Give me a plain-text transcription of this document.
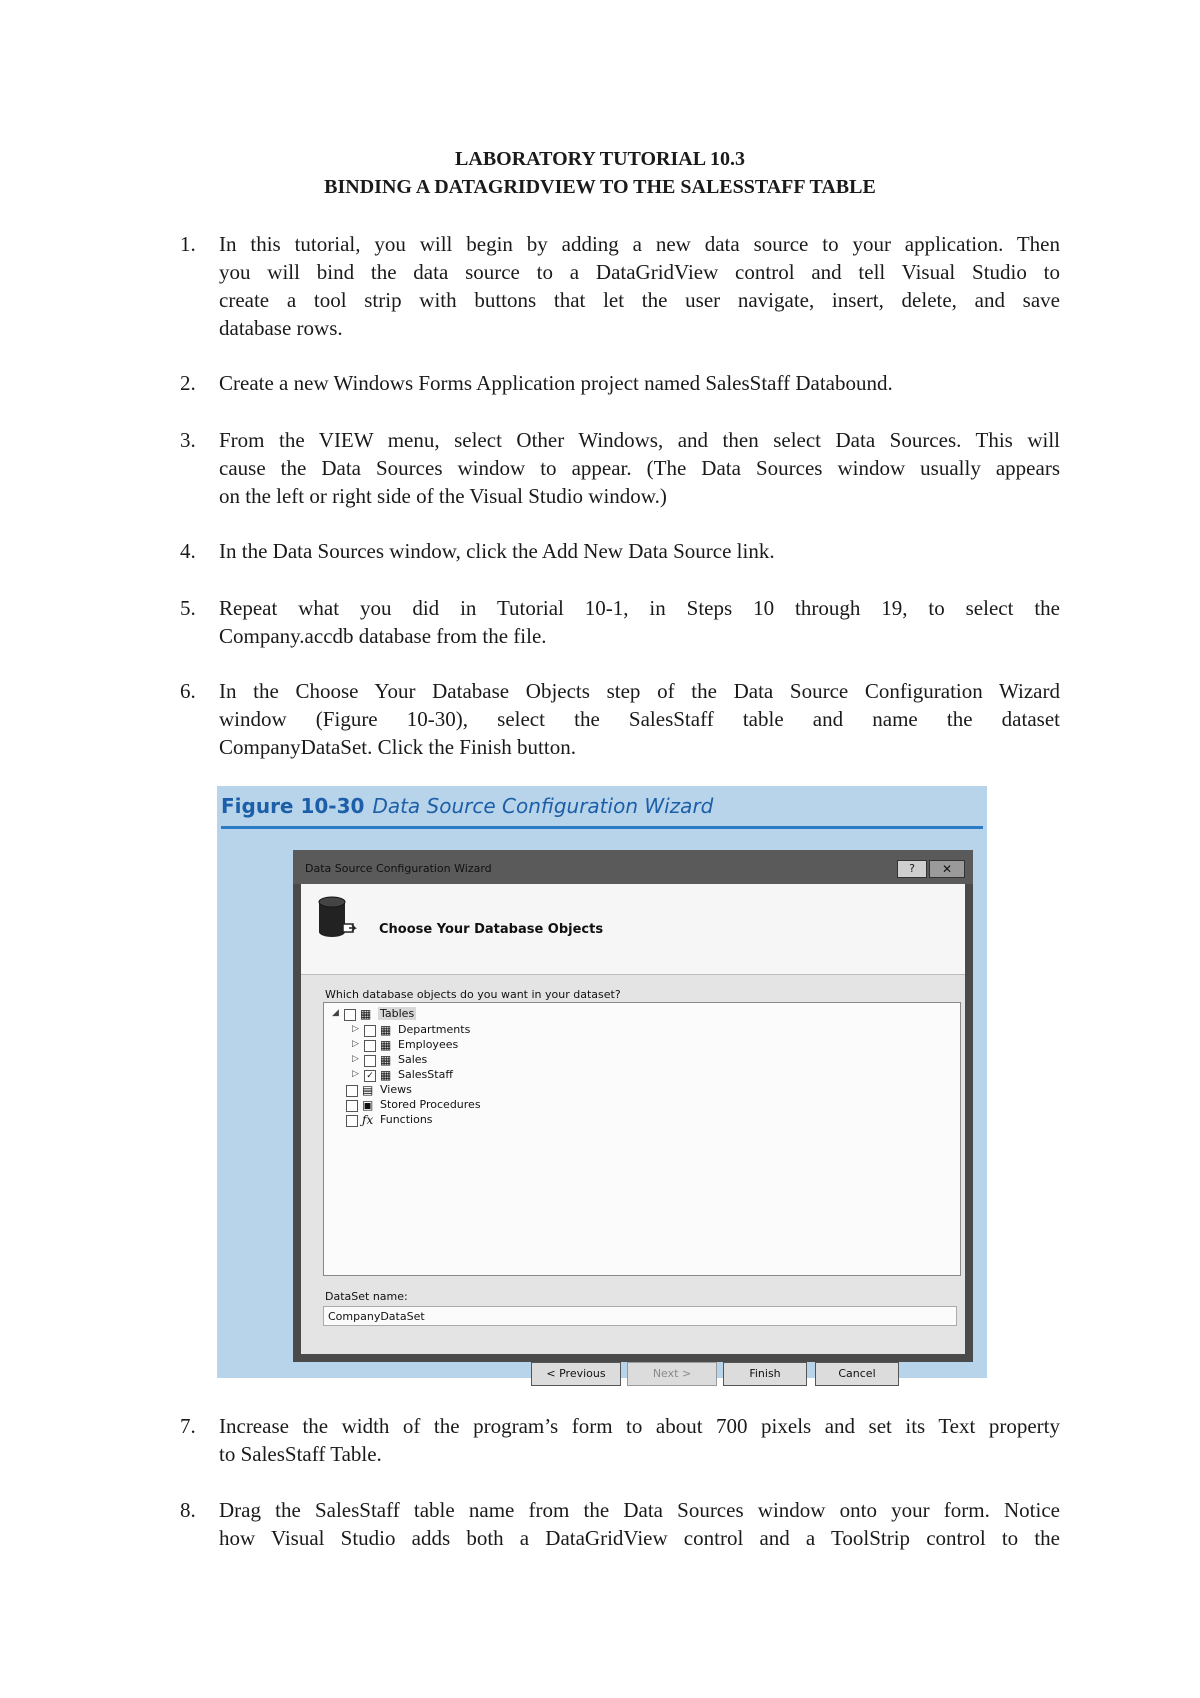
LABORATORY TUTORIAL 10.3
BINDING A DATAGRIDVIEW TO THE SALESSTAFF TABLE
1. In this tutorial, you will begin by adding a new data source to your application. Then
you will bind the data source to a DataGridView control and tell Visual Studio to
create a tool strip with buttons that let the user navigate, insert, delete, and save
database rows.
2. Create a new Windows Forms Application project named SalesStaff Databound.
3. From the VIEW menu, select Other Windows, and then select Data Sources. This will
cause the Data Sources window to appear. (The Data Sources window usually appears
on the left or right side of the Visual Studio window.)
4. In the Data Sources window, click the Add New Data Source link.
5. Repeat what you did in Tutorial 10-1, in Steps 10 through 19, to select the
Company.accdb database from the file.
6. In the Choose Your Database Objects step of the Data Source Configuration Wizard
window (Figure 10-30), select the SalesStaff table and name the dataset
CompanyDataSet. Click the Finish button.
Figure 10-30 Data Source Configuration Wizard
Data Source Configuration Wizard	?	✕
Choose Your Database Objects
Which database objects do you want in your dataset?
◢ ▦ Tables
▷ ▦ Departments
▷ ▦ Employees
▷ ▦ Sales
▷ ✓ ▦ SalesStaff
▤ Views
▣ Stored Procedures
ƒx Functions
DataSet name:
CompanyDataSet
< Previous	Next >	Finish	Cancel
7. Increase the width of the program’s form to about 700 pixels and set its Text property
to SalesStaff Table.
8. Drag the SalesStaff table name from the Data Sources window onto your form. Notice
how Visual Studio adds both a DataGridView control and a ToolStrip control to the
